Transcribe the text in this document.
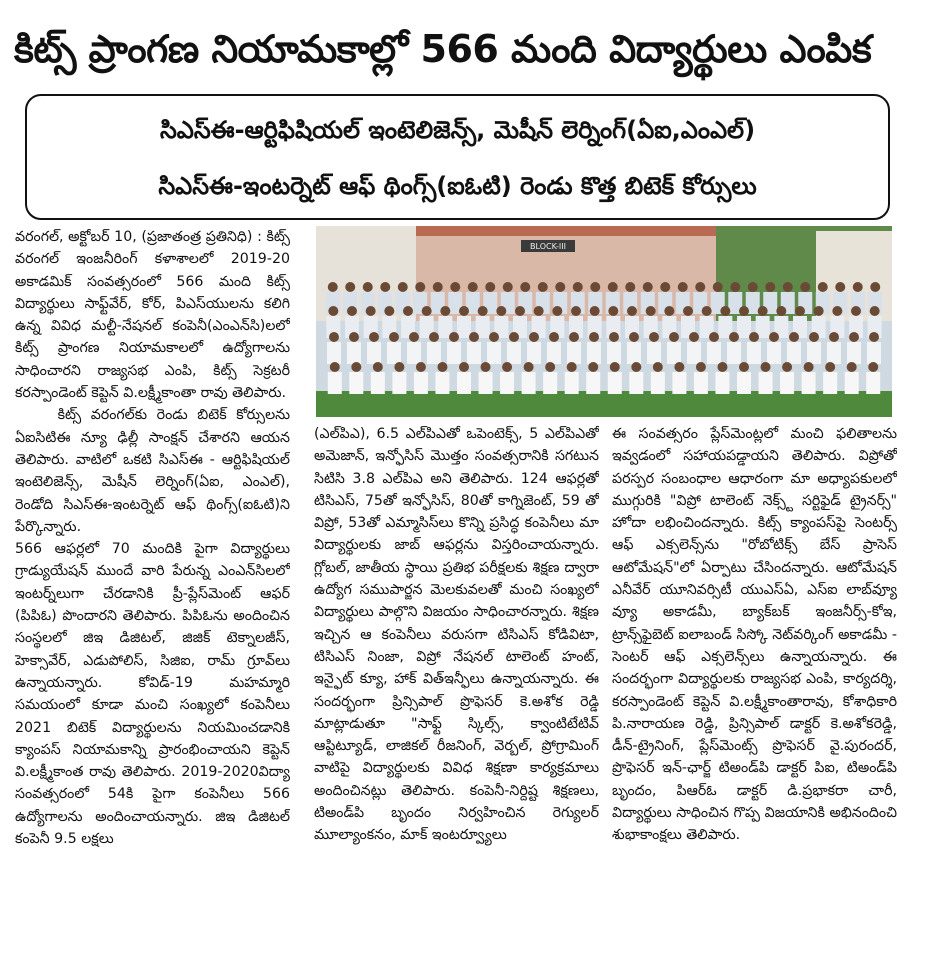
కిట్స్ ప్రాంగణ నియామకాల్లో 566 మంది విద్యార్థులు ఎంపిక
సిఎస్ఈ-ఆర్టిఫిషియల్ ఇంటెలిజెన్స్, మెషీన్ లెర్నింగ్(ఏఐ,ఎంఎల్)
సిఎస్ఈ-ఇంటర్నెట్ ఆఫ్ థింగ్స్(ఐఓటి) రెండు కొత్త బిటెక్ కోర్సులు

వరంగల్, అక్టోబర్ 10, (ప్రజాతంత్ర ప్రతినిధి) : కిట్స్ వరంగల్ ఇంజనీరింగ్ కళాశాలలో 2019-20 అకాడమిక్ సంవత్సరంలో 566 మంది కిట్స్ విద్యార్థులు సాఫ్ట్‌వేర్, కోర్, పిఎస్‌యులను కలిగి ఉన్న వివిధ మల్టీ-నేషనల్ కంపెనీ(ఎంఎన్‌సి)లలో కిట్స్ ప్రాంగణ నియామకాలలో ఉద్యోగాలను సాధించారని రాజ్యసభ ఎంపి, కిట్స్ సెక్రటరీ కరస్పాండెంట్ కెప్టెన్ వి.లక్ష్మీకాంతా రావు తెలిపారు.

కిట్స్ వరంగల్‌కు రెండు బిటెక్ కోర్సులను ఏఐసిటిఈ న్యూ ఢిల్లీ సాంక్షన్ చేశారని ఆయన తెలిపారు. వాటిలో ఒకటి సిఎస్ఈ - ఆర్టిఫిషియల్ ఇంటెలిజెన్స్, మెషీన్ లెర్నింగ్(ఏఐ, ఎంఎల్), రెండోది సిఎస్ఈ-ఇంటర్నెట్ ఆఫ్ థింగ్స్(ఐఓటి)ని పేర్కొన్నారు.

566 ఆఫర్లలో 70 మందికి పైగా విద్యార్థులు గ్రాడ్యుయేషన్ ముందే వారి పేరున్న ఎంఎన్‌సిలలో ఇంటర్న్‌లుగా చేరడానికి ప్రీ-ప్లేస్‌మెంట్ ఆఫర్ (పిపిఓ) పొందారని తెలిపారు. పిపిఓను అందించిన సంస్థలలో జిఇ డిజిటల్, జిజిక్ టెక్నాలజీస్, హెక్సావేర్, ఎడుపోలిస్, సిజిఐ, రామ్ గ్రూవ్‌లు ఉన్నాయన్నారు. కోవిడ్-19 మహమ్మారి సమయంలో కూడా మంచి సంఖ్యలో కంపెనీలు 2021 బిటెక్ విద్యార్థులను నియమించడానికి క్యాంపస్ నియామకాన్ని ప్రారంభించాయని కెప్టెన్ వి.లక్ష్మీకాంత రావు తెలిపారు. 2019-2020విద్యా సంవత్సరంలో 54కి పైగా కంపెనీలు 566 ఉద్యోగాలను అందించాయన్నారు. జిఇ డిజిటల్ కంపెనీ 9.5 లక్షలు

BLOCK-III

(ఎల్‌పిఎ), 6.5 ఎల్‌పిఎతో ఒపెంటెక్స్, 5 ఎల్‌పిఎతో అమెజాన్, ఇన్ఫోసిస్ మొత్తం సంవత్సరానికి సగటున సిటిసి 3.8 ఎల్‌పిఎ అని తెలిపారు. 124 ఆఫర్లతో టిసిఎస్, 75తో ఇన్ఫోసిస్, 80తో కాగ్నిజెంట్, 59 తో విప్రో, 53తో ఎమ్మాసిస్‌లు కొన్ని ప్రసిద్ధ కంపెనీలు మా విద్యార్థులకు జాబ్ ఆఫర్లను విస్తరించాయన్నారు. గ్లోబల్, జాతీయ స్థాయి ప్రతిభ పరీక్షలకు శిక్షణ ద్వారా ఉద్యోగ సముపార్జన మెలకువలతో మంచి సంఖ్యలో విద్యార్థులు పాల్గొని విజయం సాధించారన్నారు. శిక్షణ ఇచ్చిన ఆ కంపెనీలు వరుసగా టిసిఎస్ కోడివిటా, టిసిఎస్ నింజా, విప్రో నేషనల్ టాలెంట్ హంట్, ఇన్ఫైట్ క్యూ, హాక్ విత్ఇన్ఫీలు ఉన్నాయన్నారు. ఈ సందర్భంగా ప్రిన్సిపాల్ ప్రొఫెసర్ కె.అశోక రెడ్డి మాట్లాడుతూ "సాఫ్ట్ స్కిల్స్, క్వాంటిటేటివ్ ఆప్టిట్యూడ్, లాజికల్ రీజనింగ్, వెర్బల్, ప్రోగ్రామింగ్ వాటిపై విద్యార్థులకు వివిధ శిక్షణా కార్యక్రమాలు అందించినట్లు తెలిపారు. కంపెనీ-నిర్దిష్ట శిక్షణలు, టిఅండ్‌పి బృందం నిర్వహించిన రెగ్యులర్ మూల్యాంకనం, మాక్ ఇంటర్వ్యూలు

ఈ సంవత్సరం ప్లేస్‌మెంట్లలో మంచి ఫలితాలను ఇవ్వడంలో సహాయపడ్డాయని తెలిపారు. విప్రోతో పరస్పర సంబంధాల ఆధారంగా మా అధ్యాపకులలో ముగ్గురికి "విప్రో టాలెంట్ నెక్స్ట్ సర్టిఫైడ్ ట్రైనర్స్" హోదా లభించిందన్నారు. కిట్స్ క్యాంపస్‌పై సెంటర్స్ ఆఫ్ ఎక్సలెన్స్‌ను "రోబోటిక్స్ బేస్ ప్రాసెస్ ఆటోమేషన్"లో ఏర్పాటు చేసిందన్నారు. ఆటోమేషన్ ఎనీవేర్ యూనివర్సిటీ యుఎస్ఏ, ఎస్ఐ లాబ్‌వ్యూ వ్యూ అకాడమీ, బ్యాక్‌బక్ ఇంజనీర్స్-కోఇ, ట్రాన్స్‌ఫైబెట్ ఐలాబండ్ సిస్కో నెట్‌వర్కింగ్ అకాడమీ - సెంటర్ ఆఫ్ ఎక్సలెన్స్‌లు ఉన్నాయన్నారు. ఈ సందర్భంగా విద్యార్థులకు రాజ్యసభ ఎంపి, కార్యదర్శి, కరస్పాండెంట్ కెప్టెన్ వి.లక్ష్మీకాంతారావు, కోశాధికారి పి.నారాయణ రెడ్డి, ప్రిన్సిపాల్ డాక్టర్ కె.అశోకరెడ్డి, డీన్-ట్రైనింగ్, ప్లేస్‌మెంట్స్ ప్రొఫెసర్ వై.పురందర్, ప్రొఫెసర్ ఇన్-ఛార్జ్ టిఅండ్‌పి డాక్టర్ పిఐ, టిఅండ్‌పి బృందం, పిఆర్ఓ డాక్టర్ డి.ప్రభాకరా చారీ, విద్యార్థులు సాధించిన గొప్ప విజయానికి అభినందించి శుభాకాంక్షలు తెలిపారు.
